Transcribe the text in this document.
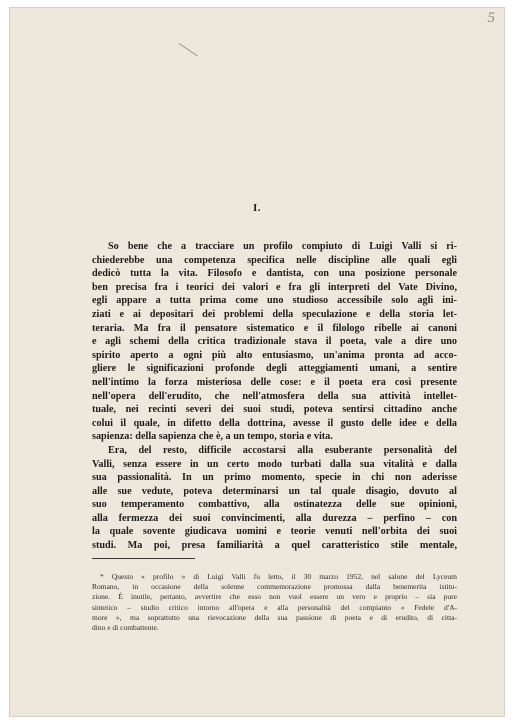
5
I.
So bene che a tracciare un profilo compiuto di Luigi Valli si ri-
chiederebbe una competenza specifica nelle discipline alle quali egli
dedicò tutta la vita. Filosofo e dantista, con una posizione personale
ben precisa fra i teorici dei valori e fra gli interpreti del Vate Divino,
egli appare a tutta prima come uno studioso accessibile solo agli ini-
ziati e ai depositari dei problemi della speculazione e della storia let-
teraria. Ma fra il pensatore sistematico e il filologo ribelle ai canoni
e agli schemi della critica tradizionale stava il poeta, vale a dire uno
spirito aperto a ogni più alto entusiasmo, un'anima pronta ad acco-
gliere le significazioni profonde degli atteggiamenti umani, a sentire
nell'intimo la forza misteriosa delle cose: e il poeta era così presente
nell'opera dell'erudito, che nell'atmosfera della sua attività intellet-
tuale, nei recinti severi dei suoi studi, poteva sentirsi cittadino anche
colui il quale, in difetto della dottrina, avesse il gusto delle idee e della
sapienza: della sapienza che è, a un tempo, storia e vita.
Era, del resto, difficile accostarsi alla esuberante personalità del
Valli, senza essere in un certo modo turbati dalla sua vitalità e dalla
sua passionalità. In un primo momento, specie in chi non aderisse
alle sue vedute, poteva determinarsi un tal quale disagio, dovuto al
suo temperamento combattivo, alla ostinatezza delle sue opinioni,
alla fermezza dei suoi convincimenti, alla durezza – perfino – con
la quale sovente giudicava uomini e teorie venuti nell'orbita dei suoi
studi. Ma poi, presa familiarità a quel caratteristico stile mentale,
* Questo « profilo » di Luigi Valli fu letto, il 30 marzo 1952, nel salone del Lyceum
Romano, in occasione della solenne commemorazione promossa dalla benemerita istitu-
zione. È inutile, pertanto, avvertire che esso non vuol essere un vero e proprio – sia pure
sintetico – studio critico intorno all'opera e alla personalità del compianto « Fedele d'A-
more », ma soprattutto una rievocazione della sua passione di poeta e di erudito, di citta-
dino e di combattente.
